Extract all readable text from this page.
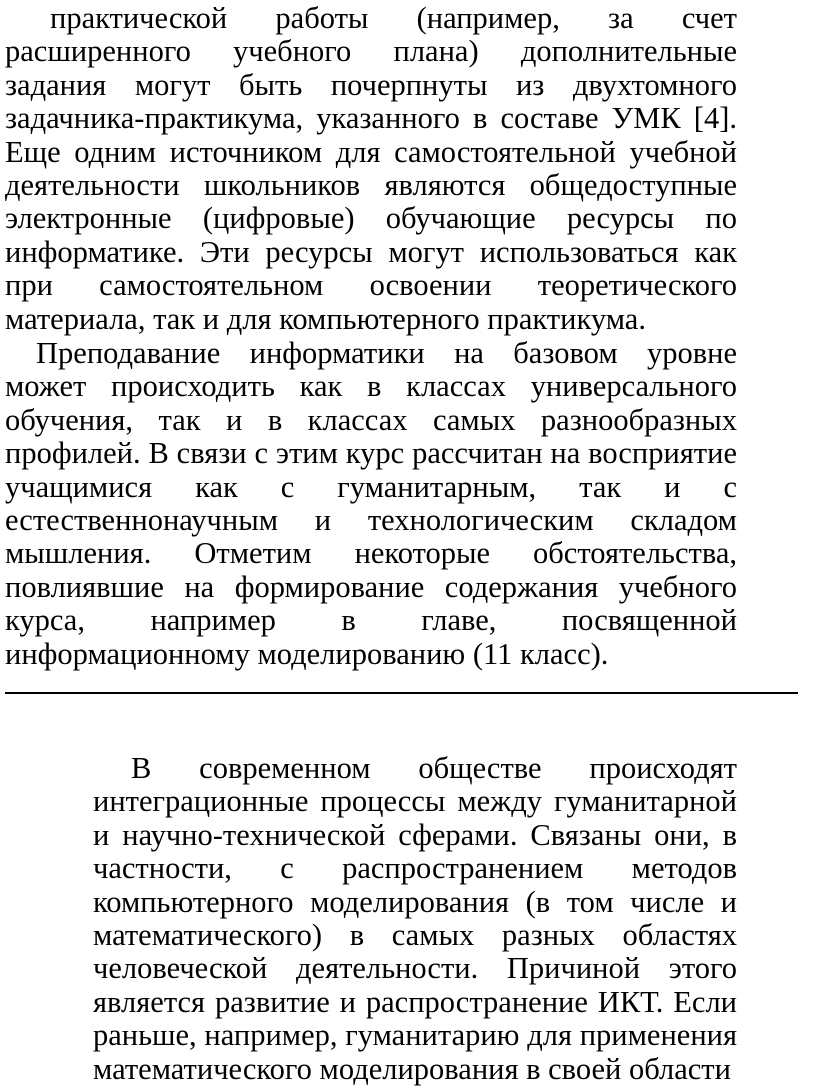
практической работы (например, за счет расширенного учебного плана) дополнительные задания могут быть почерпнуты из двухтомного задачника-практикума, указанного в составе УМК [4]. Еще одним источником для самостоятельной учебной деятельности школьников являются общедоступные электронные (цифровые) обучающие ресурсы по информатике. Эти ресурсы могут использоваться как при самостоятельном освоении теоретического материала, так и для компьютерного практикума.

Преподавание информатики на базовом уровне может происходить как в классах универсального обучения, так и в классах самых разнообразных профилей. В связи с этим курс рассчитан на восприятие учащимися как с гуманитарным, так и с естественнонаучным и технологическим складом мышления. Отметим некоторые обстоятельства, повлиявшие на формирование содержания учебного курса, например в главе, посвященной информационному моделированию (11 класс).

В современном обществе происходят интеграционные процессы между гуманитарной и научно-технической сферами. Связаны они, в частности, с распространением методов компьютерного моделирования (в том числе и математического) в самых разных областях человеческой деятельности. Причиной этого является развитие и распространение ИКТ. Если раньше, например, гуманитарию для применения математического моделирования в своей области
